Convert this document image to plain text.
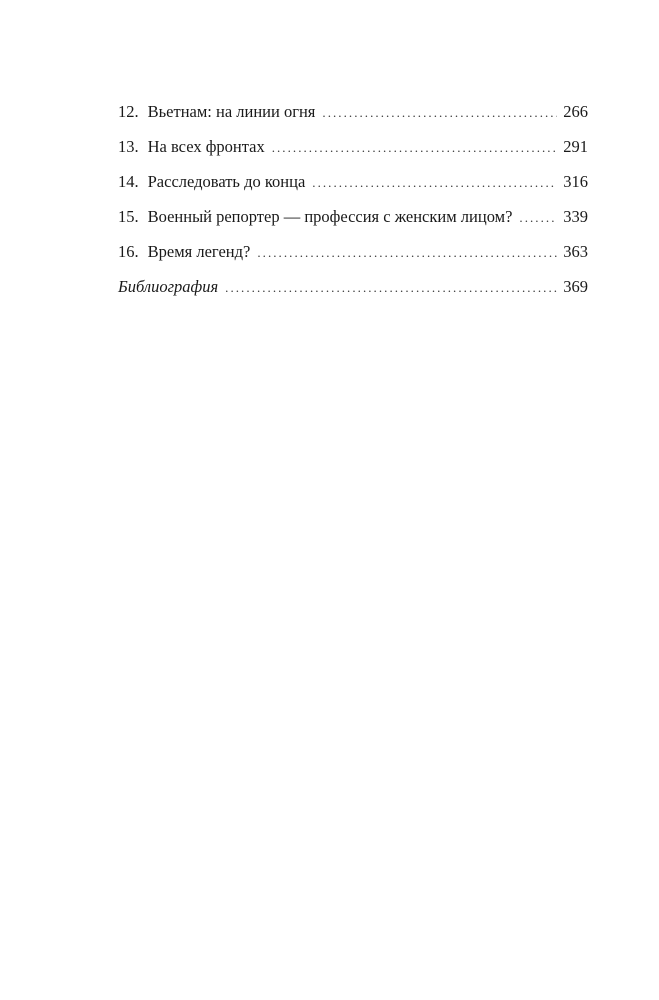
12. Вьетнам: на линии огня . . .	266
13. На всех фронтах . . .	291
14. Расследовать до конца . . .	316
15. Военный репортер — профессия с женским лицом? . . .	339
16. Время легенд? . . .	363
Библиография . . .	369
